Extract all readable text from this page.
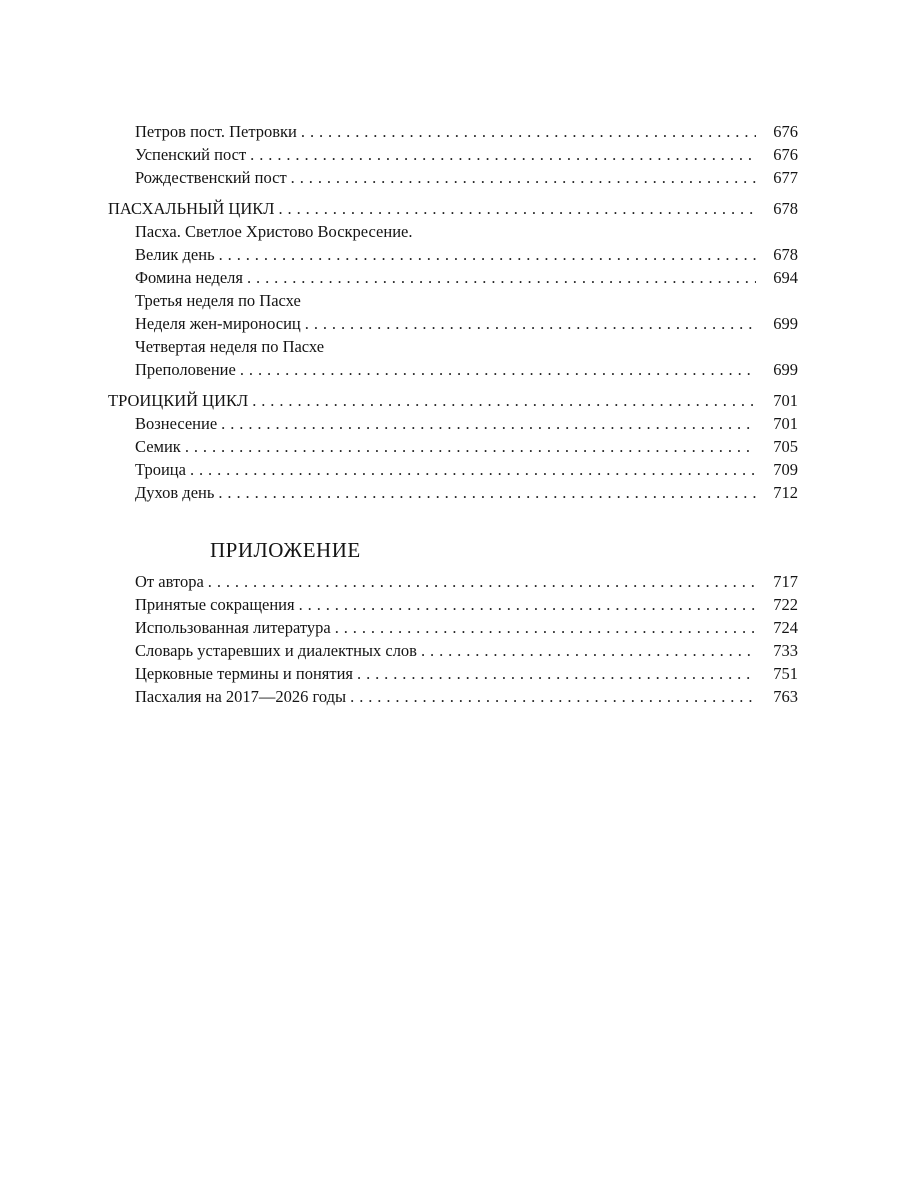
Петров пост. Петровки . . .	676
Успенский пост . . .	676
Рождественский пост . . .	677
ПАСХАЛЬНЫЙ ЦИКЛ . . .	678
Пасха. Светлое Христово Воскресение.
Велик день . . .	678
Фомина неделя . . .	694
Третья неделя по Пасхе
Неделя жен-мироносиц . . .	699
Четвертая неделя по Пасхе
Преполовение . . .	699
ТРОИЦКИЙ ЦИКЛ . . .	701
Вознесение . . .	701
Семик . . .	705
Троица . . .	709
Духов день . . .	712
ПРИЛОЖЕНИЕ
От автора . . .	717
Принятые сокращения . . .	722
Использованная литература . . .	724
Словарь устаревших и диалектных слов . . .	733
Церковные термины и понятия . . .	751
Пасхалия на 2017—2026 годы . . .	763
